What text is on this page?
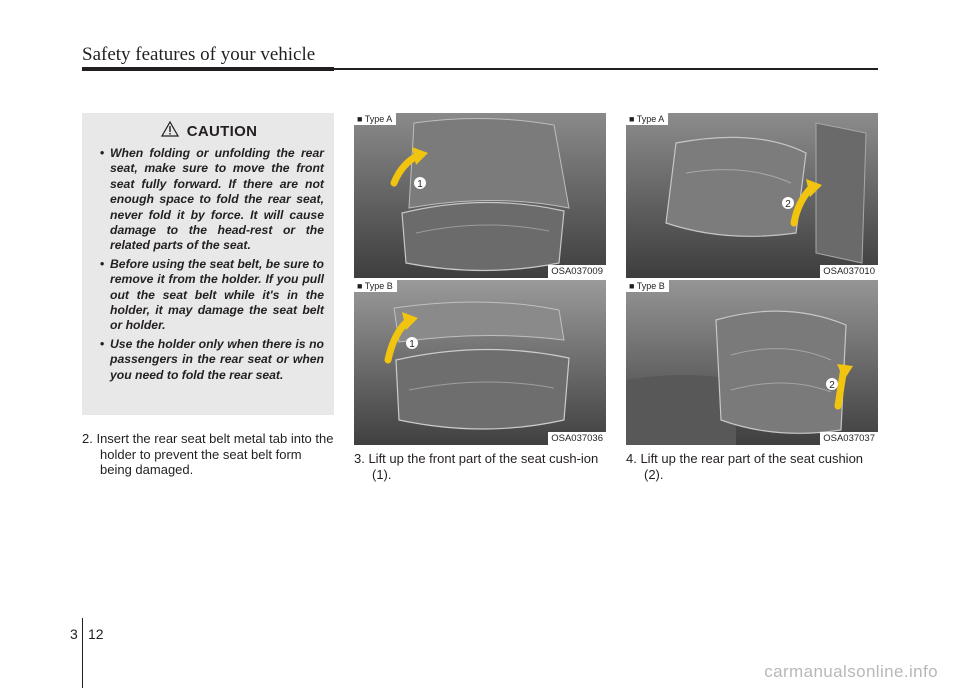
Safety features of your vehicle
CAUTION
• When folding or unfolding the rear seat, make sure to move the front seat fully forward. If there are not enough space to fold the rear seat, never fold it by force. It will cause damage to the head-rest or the related parts of the seat.
• Before using the seat belt, be sure to remove it from the holder. If you pull out the seat belt while it's in the holder, it may damage the seat belt or holder.
• Use the holder only when there is no passengers in the rear seat or when you need to fold the rear seat.
2. Insert the rear seat belt metal tab into the holder to prevent the seat belt form being damaged.
3. Lift up the front part of the seat cush-ion (1).
4. Lift up the rear part of the seat cushion (2).
1
■ Type A
OSA037009
1
■ Type B
OSA037036
2
■ Type A
OSA037010
2
■ Type B
OSA037037
3 12
carmanualsonline.info
